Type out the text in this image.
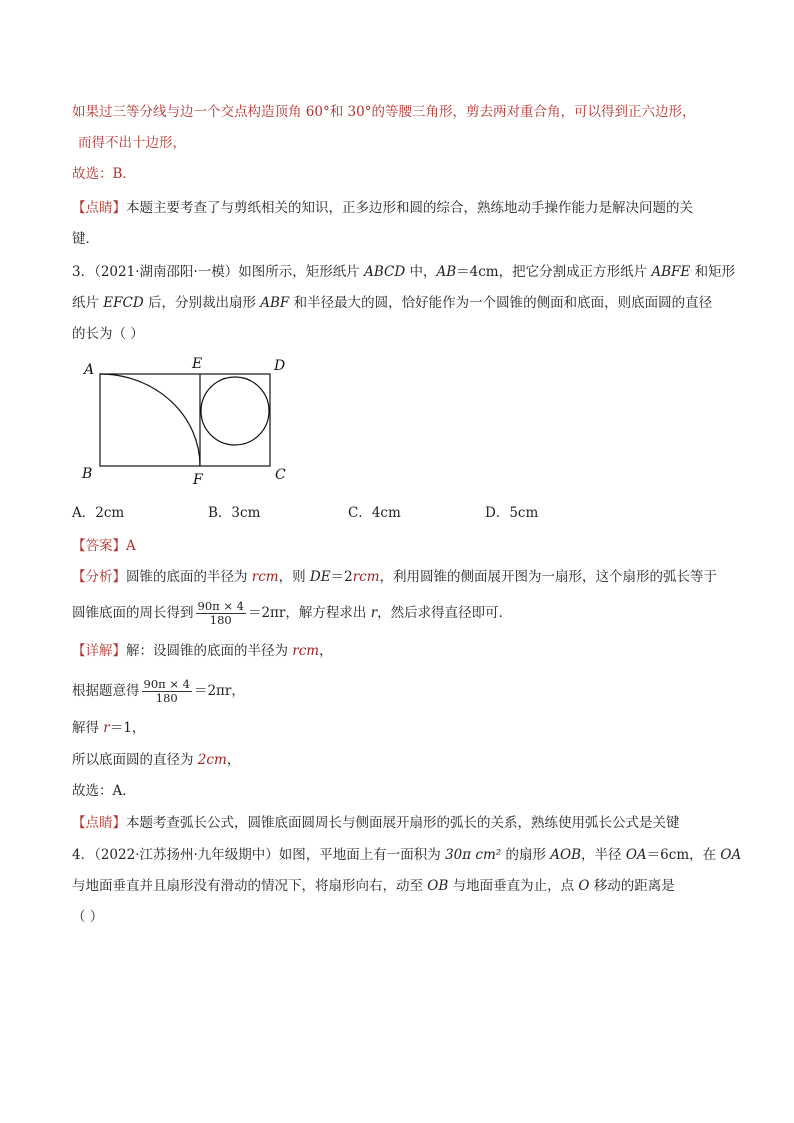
如果过三等分线与边一个交点构造顶角 60°和 30°的等腰三角形，剪去两对重合角，可以得到正六边形，
而得不出十边形，
故选：B．
【点睛】本题主要考查了与剪纸相关的知识，正多边形和圆的综合，熟练地动手操作能力是解决问题的关
键．
3．（2021·湖南邵阳·一模）如图所示，矩形纸片 ABCD 中，AB＝4cm，把它分割成正方形纸片 ABFE 和矩形
纸片 EFCD 后，分别裁出扇形 ABF 和半径最大的圆，恰好能作为一个圆锥的侧面和底面，则底面圆的直径
的长为（ ）
A	E	D
B	F	C
A．2cm	B．3cm	C．4cm	D．5cm
【答案】A
【分析】圆锥的底面的半径为 rcm，则 DE＝2rcm，利用圆锥的侧面展开图为一扇形，这个扇形的弧长等于
圆锥底面的周长得到 $\frac{90\pi \times 4}{180} =2\pi r$，解方程求出 r，然后求得直径即可．
【详解】解：设圆锥的底面的半径为 rcm，
根据题意得 $\frac{90\pi \times 4}{180} =2\pi r$，
解得 r＝1，
所以底面圆的直径为 2cm，
故选：A．
【点睛】本题考查弧长公式，圆锥底面圆周长与侧面展开扇形的弧长的关系，熟练使用弧长公式是关键
4．（2022·江苏扬州·九年级期中）如图，平地面上有一面积为 30π cm² 的扇形 AOB，半径 OA＝6cm，在 OA
与地面垂直并且扇形没有滑动的情况下，将扇形向右，动至 OB 与地面垂直为止，点 O 移动的距离是
（ ）
